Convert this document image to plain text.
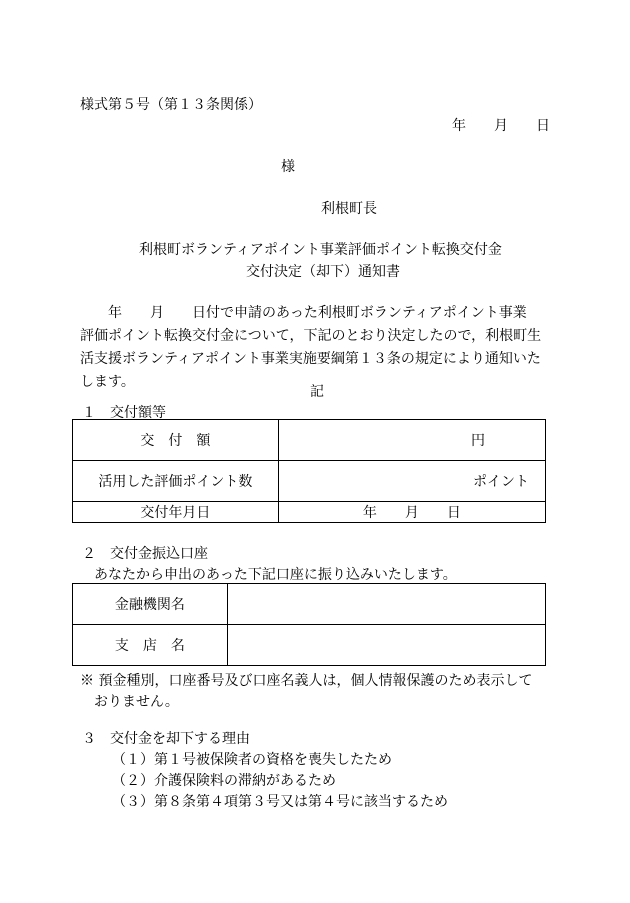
様式第５号（第１３条関係）
年 月 日
様
利根町長
利根町ボランティアポイント事業評価ポイント転換交付金
交付決定（却下）通知書
　　年　　月　　日付で申請のあった利根町ボランティアポイント事業
評価ポイント転換交付金について，下記のとおり決定したので，利根町生
活支援ボランティアポイント事業実施要綱第１３条の規定により通知いた
します。
記
１　交付額等
交　付　額	円
活用した評価ポイント数	ポイント
交付年月日	年　　月　　日
２　交付金振込口座
あなたから申出のあった下記口座に振り込みいたします。
金融機関名	
支　店　名	
※ 預金種別，口座番号及び口座名義人は，個人情報保護のため表示して
　おりません。
３　交付金を却下する理由
（１）第１号被保険者の資格を喪失したため
（２）介護保険料の滞納があるため
（３）第８条第４項第３号又は第４号に該当するため
